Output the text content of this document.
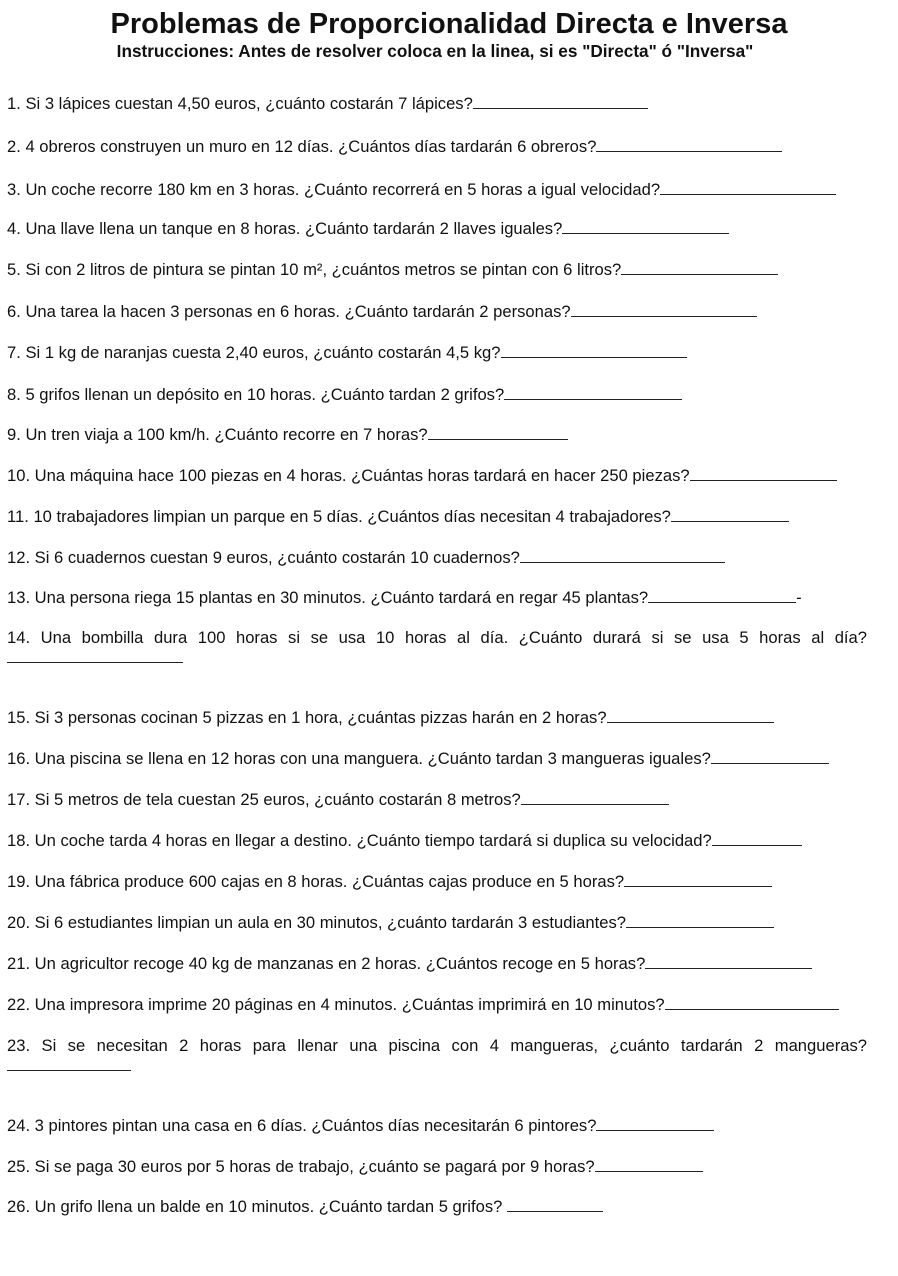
Problemas de Proporcionalidad Directa e Inversa

Instrucciones: Antes de resolver coloca en la linea, si es "Directa" ó "Inversa"

1. Si 3 lápices cuestan 4,50 euros, ¿cuánto costarán 7 lápices?
2. 4 obreros construyen un muro en 12 días. ¿Cuántos días tardarán 6 obreros?
3. Un coche recorre 180 km en 3 horas. ¿Cuánto recorrerá en 5 horas a igual velocidad?
4. Una llave llena un tanque en 8 horas. ¿Cuánto tardarán 2 llaves iguales?
5. Si con 2 litros de pintura se pintan 10 m², ¿cuántos metros se pintan con 6 litros?
6. Una tarea la hacen 3 personas en 6 horas. ¿Cuánto tardarán 2 personas?
7. Si 1 kg de naranjas cuesta 2,40 euros, ¿cuánto costarán 4,5 kg?
8. 5 grifos llenan un depósito en 10 horas. ¿Cuánto tardan 2 grifos?
9. Un tren viaja a 100 km/h. ¿Cuánto recorre en 7 horas?
10. Una máquina hace 100 piezas en 4 horas. ¿Cuántas horas tardará en hacer 250 piezas?
11. 10 trabajadores limpian un parque en 5 días. ¿Cuántos días necesitan 4 trabajadores?
12. Si 6 cuadernos cuestan 9 euros, ¿cuánto costarán 10 cuadernos?
13. Una persona riega 15 plantas en 30 minutos. ¿Cuánto tardará en regar 45 plantas?	-
14. Una bombilla dura 100 horas si se usa 10 horas al día. ¿Cuánto durará si se usa 5 horas al día?
15. Si 3 personas cocinan 5 pizzas en 1 hora, ¿cuántas pizzas harán en 2 horas?
16. Una piscina se llena en 12 horas con una manguera. ¿Cuánto tardan 3 mangueras iguales?
17. Si 5 metros de tela cuestan 25 euros, ¿cuánto costarán 8 metros?
18. Un coche tarda 4 horas en llegar a destino. ¿Cuánto tiempo tardará si duplica su velocidad?
19. Una fábrica produce 600 cajas en 8 horas. ¿Cuántas cajas produce en 5 horas?
20. Si 6 estudiantes limpian un aula en 30 minutos, ¿cuánto tardarán 3 estudiantes?
21. Un agricultor recoge 40 kg de manzanas en 2 horas. ¿Cuántos recoge en 5 horas?
22. Una impresora imprime 20 páginas en 4 minutos. ¿Cuántas imprimirá en 10 minutos?
23. Si se necesitan 2 horas para llenar una piscina con 4 mangueras, ¿cuánto tardarán 2 mangueras?
24. 3 pintores pintan una casa en 6 días. ¿Cuántos días necesitarán 6 pintores?
25. Si se paga 30 euros por 5 horas de trabajo, ¿cuánto se pagará por 9 horas?
26. Un grifo llena un balde en 10 minutos. ¿Cuánto tardan 5 grifos?
